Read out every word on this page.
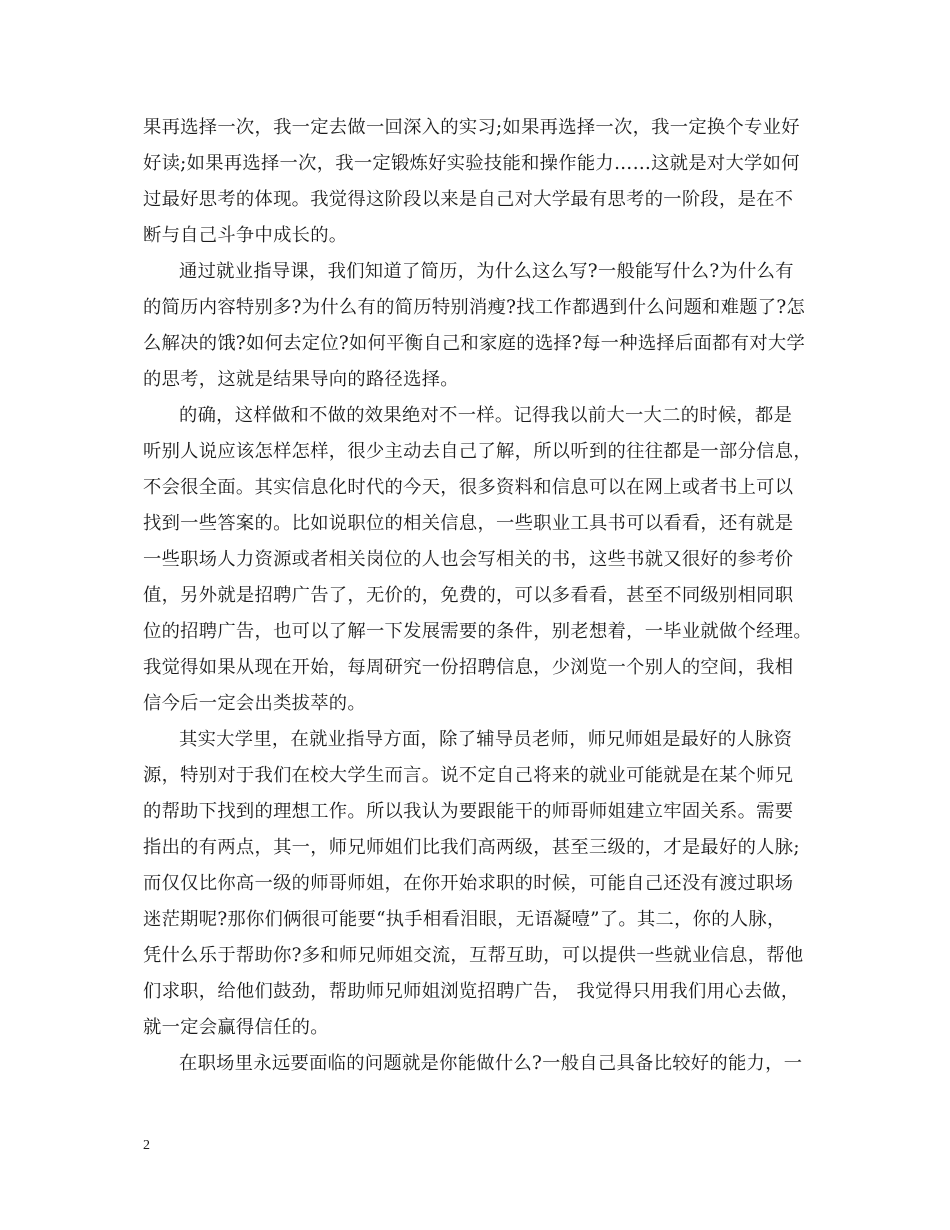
果再选择一次，我一定去做一回深入的实习;如果再选择一次，我一定换个专业好
好读;如果再选择一次，我一定锻炼好实验技能和操作能力……这就是对大学如何
过最好思考的体现。我觉得这阶段以来是自己对大学最有思考的一阶段，是在不
断与自己斗争中成长的。
通过就业指导课，我们知道了简历，为什么这么写?一般能写什么?为什么有
的简历内容特别多?为什么有的简历特别消瘦?找工作都遇到什么问题和难题了?怎
么解决的饿?如何去定位?如何平衡自己和家庭的选择?每一种选择后面都有对大学
的思考，这就是结果导向的路径选择。
的确，这样做和不做的效果绝对不一样。记得我以前大一大二的时候，都是
听别人说应该怎样怎样，很少主动去自己了解，所以听到的往往都是一部分信息，
不会很全面。其实信息化时代的今天，很多资料和信息可以在网上或者书上可以
找到一些答案的。比如说职位的相关信息，一些职业工具书可以看看，还有就是
一些职场人力资源或者相关岗位的人也会写相关的书，这些书就又很好的参考价
值，另外就是招聘广告了，无价的，免费的，可以多看看，甚至不同级别相同职
位的招聘广告，也可以了解一下发展需要的条件，别老想着，一毕业就做个经理。
我觉得如果从现在开始，每周研究一份招聘信息，少浏览一个别人的空间，我相
信今后一定会出类拔萃的。
其实大学里，在就业指导方面，除了辅导员老师，师兄师姐是最好的人脉资
源，特别对于我们在校大学生而言。说不定自己将来的就业可能就是在某个师兄
的帮助下找到的理想工作。所以我认为要跟能干的师哥师姐建立牢固关系。需要
指出的有两点，其一，师兄师姐们比我们高两级，甚至三级的，才是最好的人脉;
而仅仅比你高一级的师哥师姐，在你开始求职的时候，可能自己还没有渡过职场
迷茫期呢?那你们俩很可能要“执手相看泪眼，无语凝噎”了。其二，你的人脉，
凭什么乐于帮助你?多和师兄师姐交流，互帮互助，可以提供一些就业信息，帮他
们求职，给他们鼓劲，帮助师兄师姐浏览招聘广告， 我觉得只用我们用心去做，
就一定会赢得信任的。
在职场里永远要面临的问题就是你能做什么?一般自己具备比较好的能力，一
2
